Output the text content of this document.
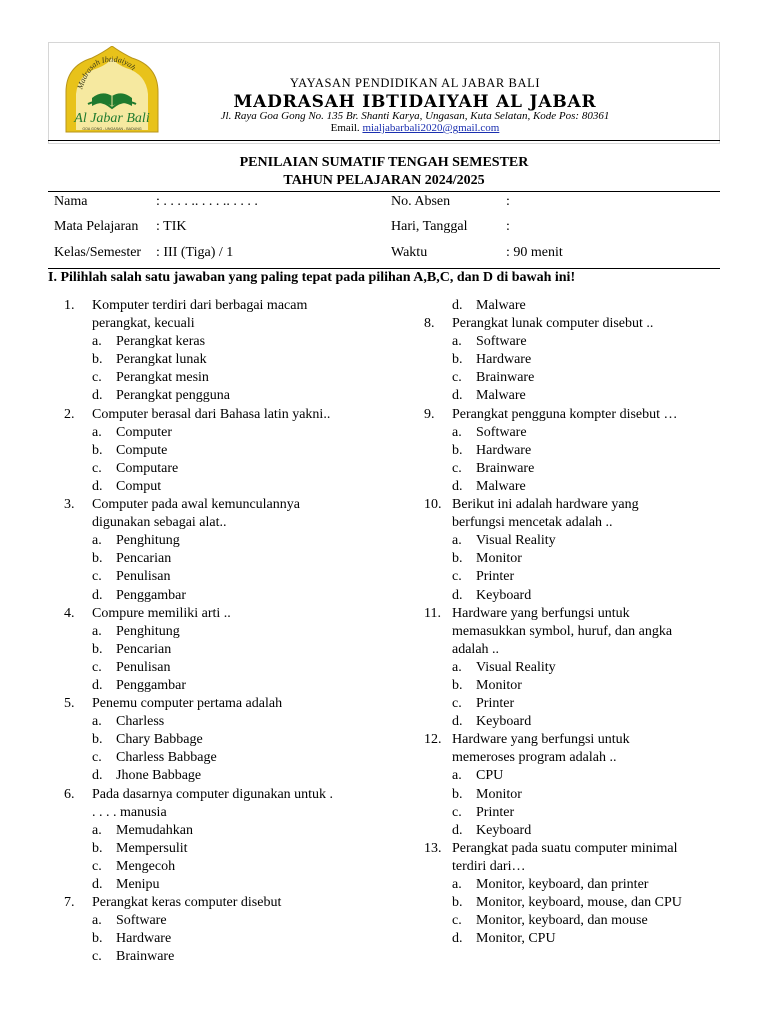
Madrasah Ibtidaiyah
Al Jabar Bali
GOA GONG - UNGASAN - BADUNG
YAYASAN PENDIDIKAN AL JABAR BALI
MADRASAH IBTIDAIYAH AL JABAR
Jl. Raya Goa Gong No. 135 Br. Shanti Karya, Ungasan, Kuta Selatan, Kode Pos: 80361
Email. mialjabarbali2020@gmail.com
PENILAIAN SUMATIF TENGAH SEMESTER
TAHUN PELAJARAN 2024/2025
Nama	: . . . . .. . . . .. . . . .
Mata Pelajaran : TIK
Kelas/Semester : III (Tiga) / 1
No. Absen	:
Hari, Tanggal	:
Waktu	: 90 menit
I. Pilihlah salah satu jawaban yang paling tepat pada pilihan A,B,C, dan D di bawah ini!
1.	Komputer terdiri dari berbagai macam
perangkat, kecuali
a.	Perangkat keras
b. Perangkat lunak
c.	Perangkat mesin
d. Perangkat pengguna
2.	Computer berasal dari Bahasa latin yakni..
a.	Computer
b. Compute
c.	Computare
d. Comput
3.	Computer pada awal kemunculannya
digunakan sebagai alat..
a.	Penghitung
b. Pencarian
c.	Penulisan
d. Penggambar
4.	Compure memiliki arti ..
a.	Penghitung
b. Pencarian
c.	Penulisan
d. Penggambar
5.	Penemu computer pertama adalah
a.	Charless
b. Chary Babbage
c.	Charless Babbage
d. Jhone Babbage
6.	Pada dasarnya computer digunakan untuk .
. . . . manusia
a.	Memudahkan
b. Mempersulit
c.	Mengecoh
d. Menipu
7.	Perangkat keras computer disebut
a.	Software
b. Hardware
c.	Brainware
d. Malware
8.	Perangkat lunak computer disebut ..
a.	Software
b. Hardware
c.	Brainware
d. Malware
9.	Perangkat pengguna kompter disebut …
a.	Software
b. Hardware
c.	Brainware
d. Malware
10. Berikut ini adalah hardware yang
berfungsi mencetak adalah ..
a.	Visual Reality
b. Monitor
c.	Printer
d. Keyboard
11. Hardware yang berfungsi untuk
memasukkan symbol, huruf, dan angka
adalah ..
a.	Visual Reality
b. Monitor
c.	Printer
d. Keyboard
12. Hardware yang berfungsi untuk
memeroses program adalah ..
a.	CPU
b. Monitor
c.	Printer
d. Keyboard
13. Perangkat pada suatu computer minimal
terdiri dari…
a.	Monitor, keyboard, dan printer
b. Monitor, keyboard, mouse, dan CPU
c.	Monitor, keyboard, dan mouse
d. Monitor, CPU
